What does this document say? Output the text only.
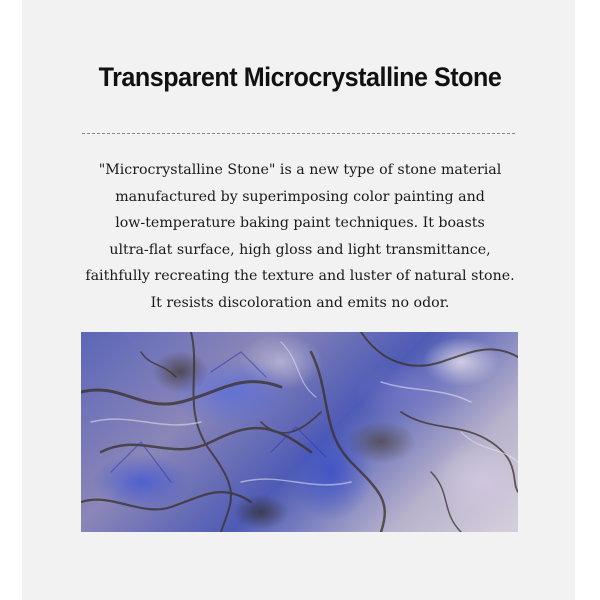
Transparent Microcrystalline Stone
"Microcrystalline Stone" is a new type of stone material
manufactured by superimposing color painting and
low-temperature baking paint techniques. It boasts
ultra-flat surface, high gloss and light transmittance,
faithfully recreating the texture and luster of natural stone.
It resists discoloration and emits no odor.
